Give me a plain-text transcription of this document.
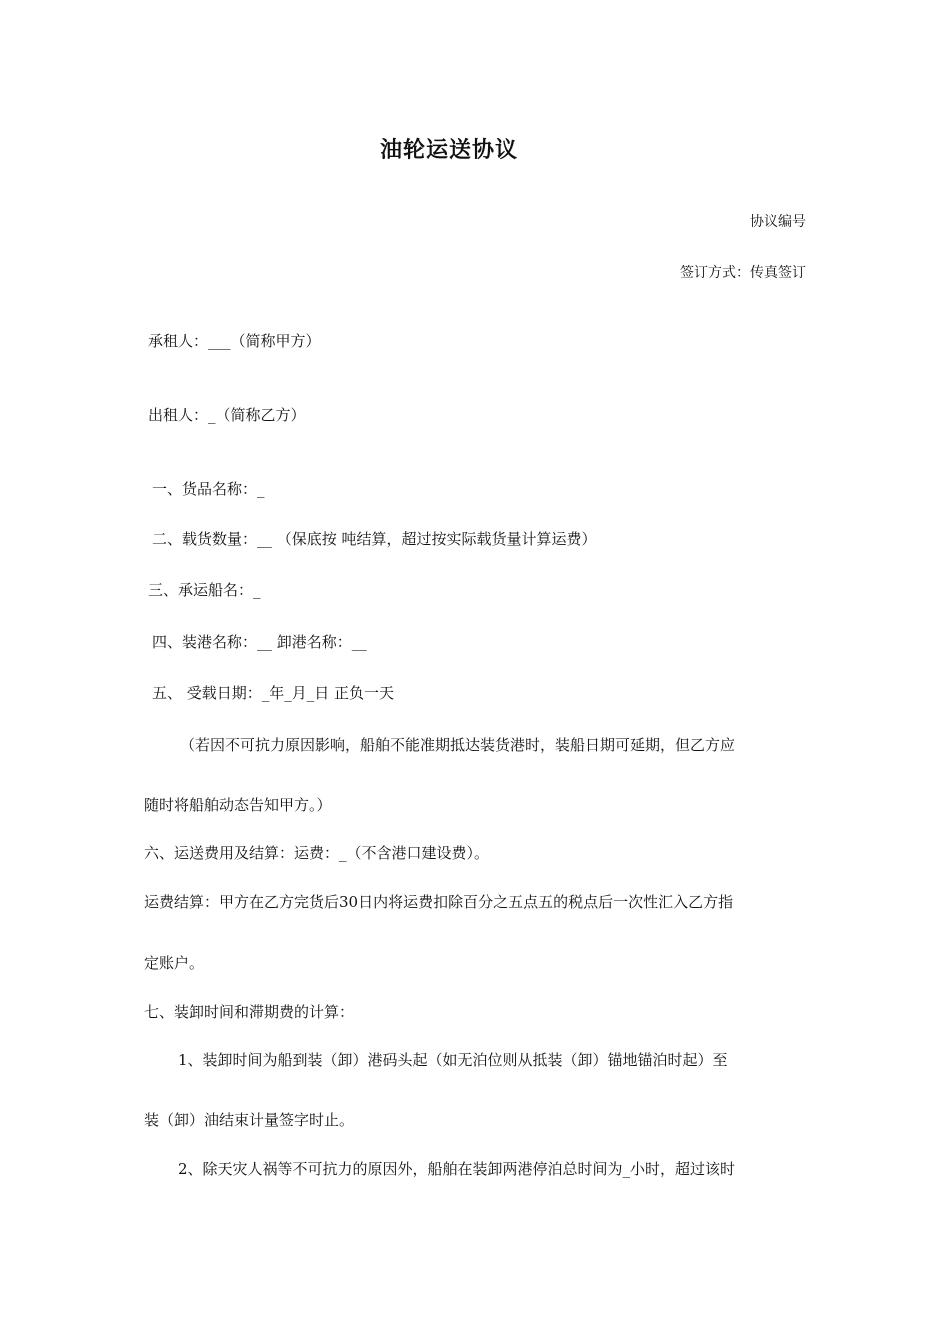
油轮运送协议
协议编号
签订方式：传真签订
承租人：___（简称甲方）
出租人：_（简称乙方）
一、货品名称：_
二、载货数量：__ （保底按 吨结算，超过按实际载货量计算运费）
三、承运船名：_
四、装港名称：__ 卸港名称：__
五、 受载日期：_年_月_日 正负一天
（若因不可抗力原因影响，船舶不能准期抵达装货港时，装船日期可延期，但乙方应
随时将船舶动态告知甲方。）
六、运送费用及结算：运费：_（不含港口建设费）。
运费结算：甲方在乙方完货后30日内将运费扣除百分之五点五的税点后一次性汇入乙方指
定账户。
七、装卸时间和滞期费的计算：
1、装卸时间为船到装（卸）港码头起（如无泊位则从抵装（卸）锚地锚泊时起）至
装（卸）油结束计量签字时止。
2、除天灾人祸等不可抗力的原因外，船舶在装卸两港停泊总时间为_小时，超过该时
